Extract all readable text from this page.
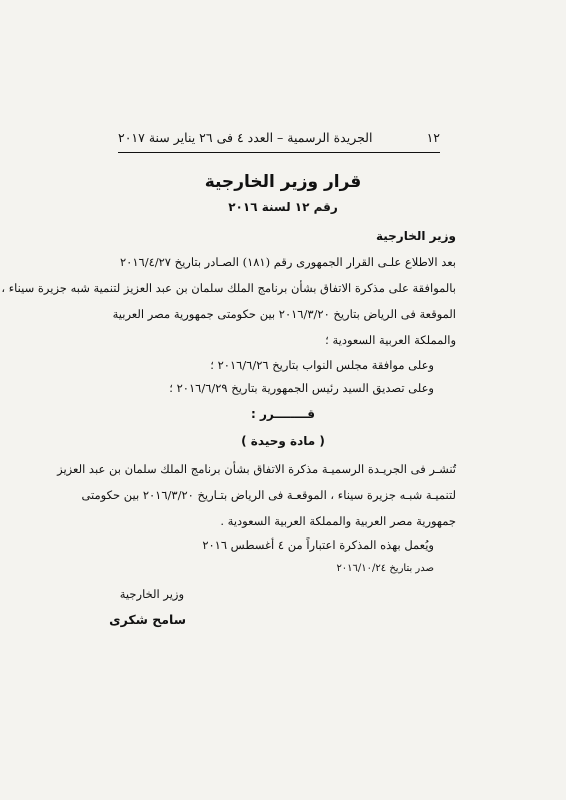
١٢
الجريدة الرسمية – العدد ٤ فى ٢٦ يناير سنة ٢٠١٧
قرار وزير الخارجية
رقم ١٢ لسنة ٢٠١٦
وزير الخارجية
بعد الاطلاع علـى القرار الجمهورى رقم (١٨١) الصـادر بتاريخ ٢٠١٦/٤/٢٧
بالموافقة على مذكرة الاتفاق بشأن برنامج الملك سلمان بن عبد العزيز لتنمية شبه جزيرة سيناء ،
الموقعة فى الرياض بتاريخ ٢٠١٦/٣/٢٠ بين حكومتى جمهورية مصر العربية
والمملكة العربية السعودية ؛
وعلى موافقة مجلس النواب بتاريخ ٢٠١٦/٦/٢٦ ؛
وعلى تصديق السيد رئيس الجمهورية بتاريخ ٢٠١٦/٦/٢٩ ؛
قــــــــرر :
( مادة وحيدة )
تُنشـر فى الجريـدة الرسميـة مذكرة الاتفاق بشأن برنامج الملك سلمان بن عبد العزيز
لتنميـة شبـه جزيرة سيناء ، الموقعـة فى الرياض بتـاريخ ٢٠١٦/٣/٢٠ بين حكومتى
جمهورية مصر العربية والمملكة العربية السعودية .
ويُعمل بهذه المذكرة اعتباراً من ٤ أغسطس ٢٠١٦
صدر بتاريخ ٢٠١٦/١٠/٢٤
وزير الخارجية
سامح شكرى
